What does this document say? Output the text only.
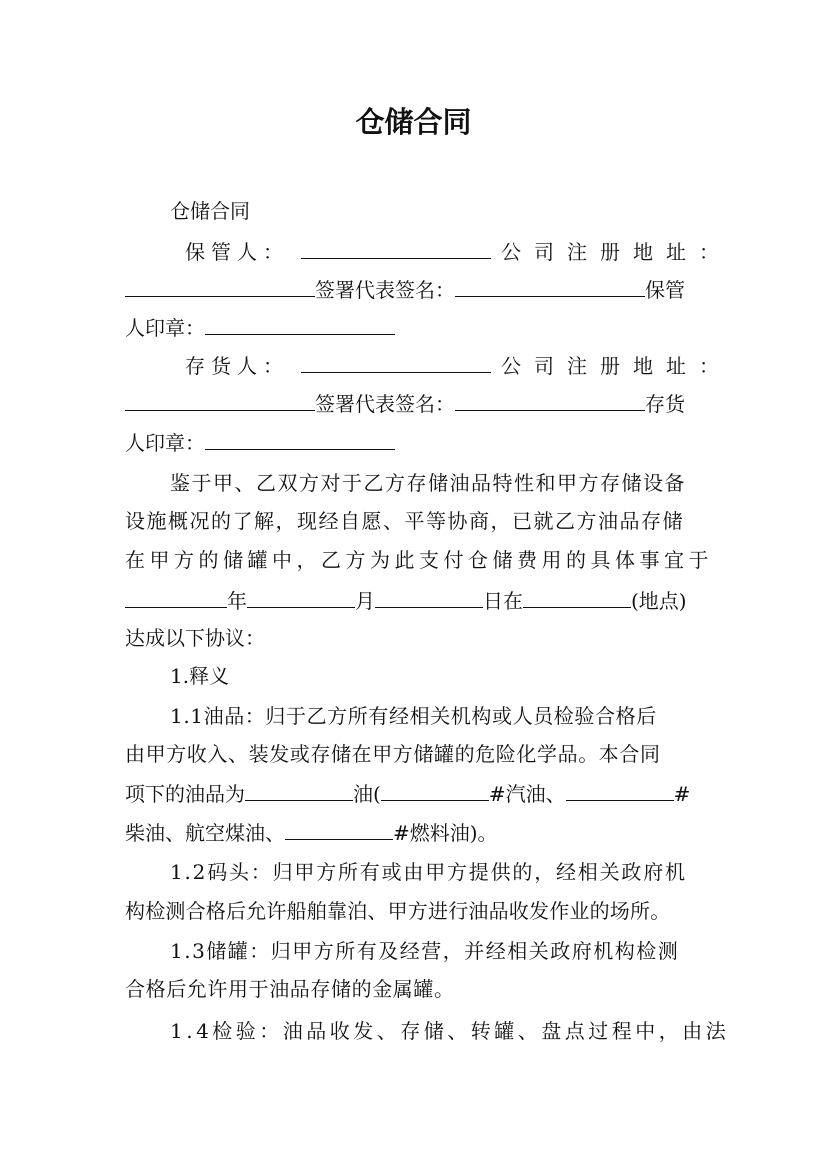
仓储合同
仓储合同
保管人：	公司注册地址：
签署代表签名：	保管
人印章：
存货人：	公司注册地址：
签署代表签名：	存货
人印章：
鉴于甲、乙双方对于乙方存储油品特性和甲方存储设备
设施概况的了解，现经自愿、平等协商，已就乙方油品存储
在甲方的储罐中，乙方为此支付仓储费用的具体事宜于
年	月	日在	(地点)
达成以下协议：
1.释义
1.1油品：归于乙方所有经相关机构或人员检验合格后
由甲方收入、装发或存储在甲方储罐的危险化学品。本合同
项下的油品为	油(	#汽油、	#
柴油、航空煤油、	#燃料油)。
1.2码头：归甲方所有或由甲方提供的，经相关政府机
构检测合格后允许船舶靠泊、甲方进行油品收发作业的场所。
1.3储罐：归甲方所有及经营，并经相关政府机构检测
合格后允许用于油品存储的金属罐。
1.4检验：油品收发、存储、转罐、盘点过程中，由法
